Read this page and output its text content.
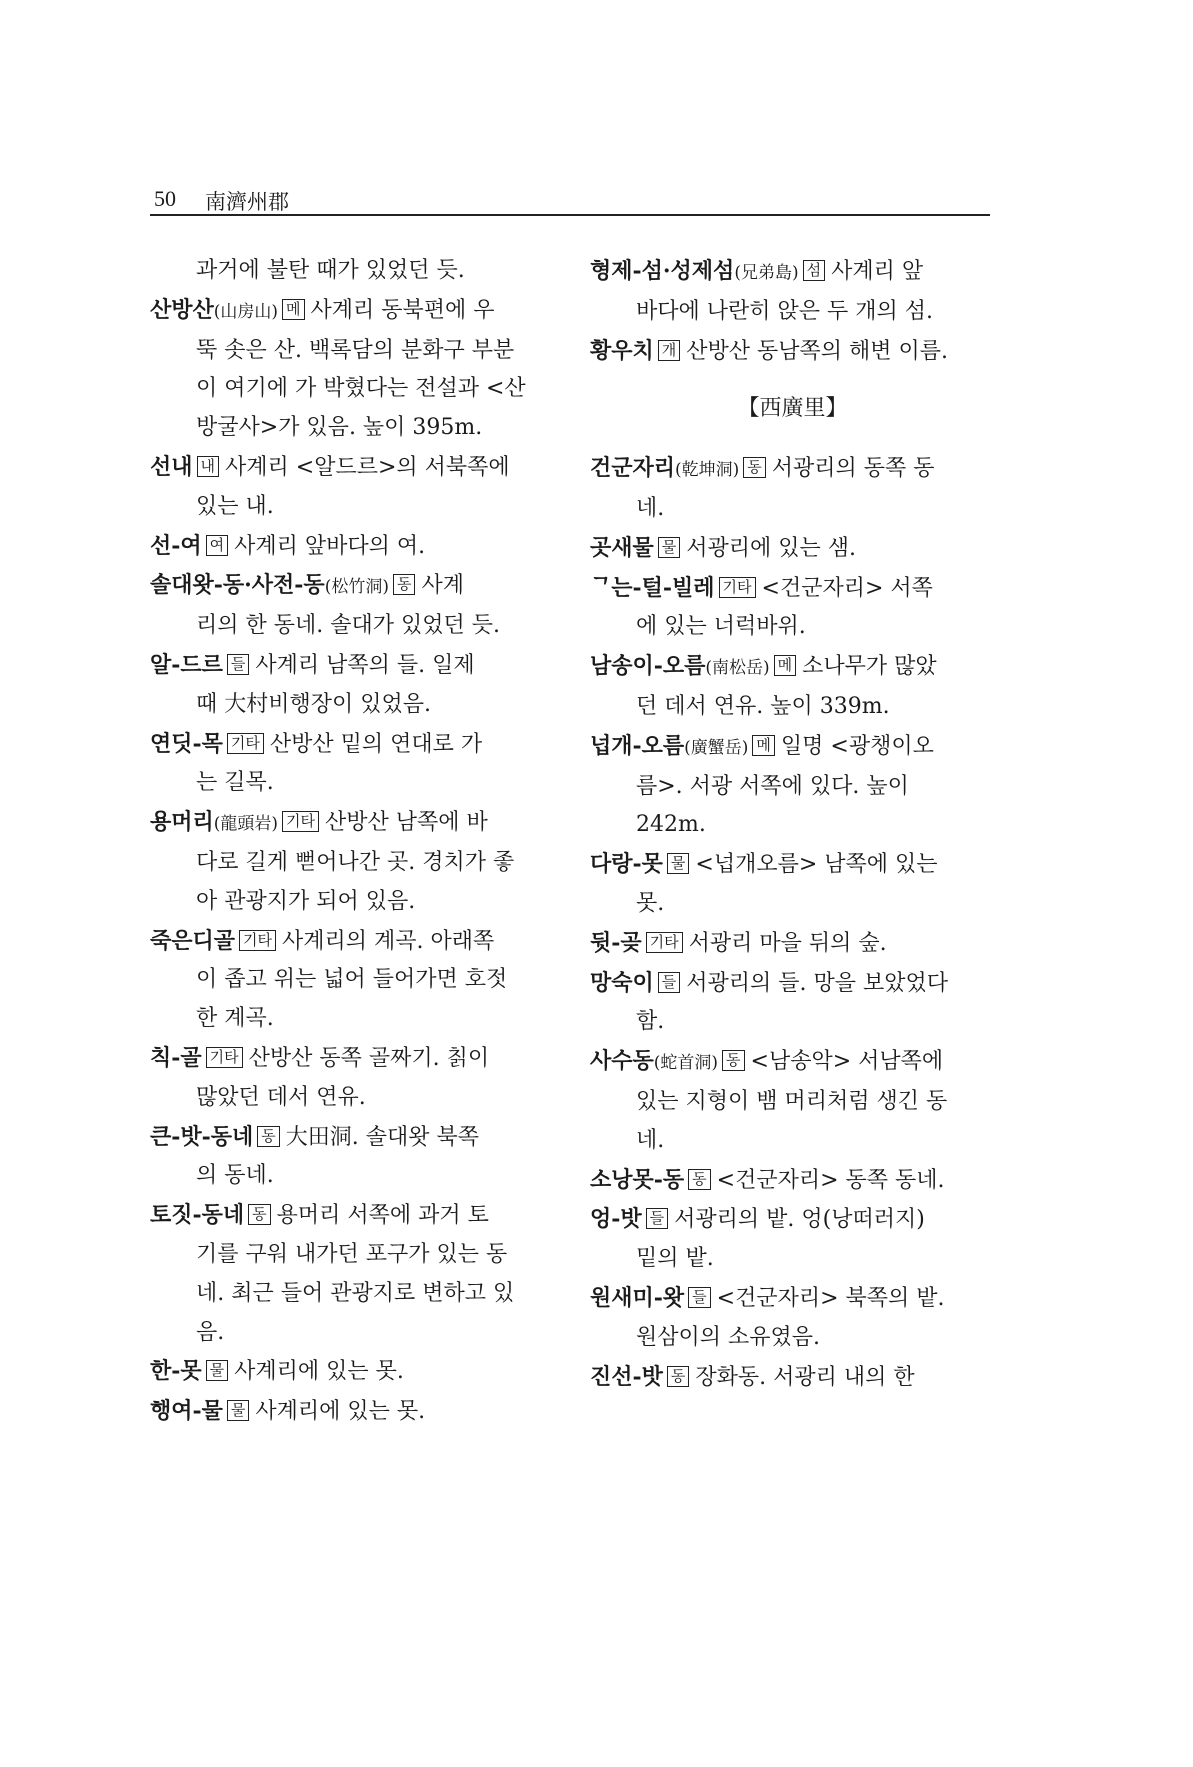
50 南濟州郡
과거에 불탄 때가 있었던 듯.
산방산(山房山) 메 사계리 동북편에 우
뚝 솟은 산. 백록담의 분화구 부분
이 여기에 가 박혔다는 전설과 <산
방굴사>가 있음. 높이 395m.
선내 내 사계리 <알드르>의 서북쪽에
있는 내.
선-여 여 사계리 앞바다의 여.
솔대왓-동·사전-동(松竹洞) 동 사계
리의 한 동네. 솔대가 있었던 듯.
알-드르 들 사계리 남쪽의 들. 일제
때 大村비행장이 있었음.
연딧-목 기타 산방산 밑의 연대로 가
는 길목.
용머리(龍頭岩) 기타 산방산 남쪽에 바
다로 길게 뻗어나간 곳. 경치가 좋
아 관광지가 되어 있음.
죽은디골 기타 사계리의 계곡. 아래쪽
이 좁고 위는 넓어 들어가면 호젓
한 계곡.
칙-골 기타 산방산 동쪽 골짜기. 칡이
많았던 데서 연유.
큰-밧-동네 동 大田洞. 솔대왓 북쪽
의 동네.
토짓-동네 동 용머리 서쪽에 과거 토
기를 구워 내가던 포구가 있는 동
네. 최근 들어 관광지로 변하고 있
음.
한-못 물 사계리에 있는 못.
행여-물 물 사계리에 있는 못.
형제-섬·성제섬(兄弟島) 섬 사계리 앞
바다에 나란히 앉은 두 개의 섬.
황우치 개 산방산 동남쪽의 해변 이름.
【西廣里】
건군자리(乾坤洞) 동 서광리의 동쪽 동
네.
곳새물 물 서광리에 있는 샘.
ᄀ는-털-빌레 기타 <건군자리> 서쪽
에 있는 너럭바위.
남송이-오름(南松岳) 메 소나무가 많았
던 데서 연유. 높이 339m.
넙개-오름(廣蟹岳) 메 일명 <광챙이오
름>. 서광 서쪽에 있다. 높이
242m.
다랑-못 물 <넙개오름> 남쪽에 있는
못.
뒷-곶 기타 서광리 마을 뒤의 숲.
망숙이 들 서광리의 들. 망을 보았었다
함.
사수동(蛇首洞) 동 <남송악> 서남쪽에
있는 지형이 뱀 머리처럼 생긴 동
네.
소낭못-동 동 <건군자리> 동쪽 동네.
엉-밧 들 서광리의 밭. 엉(낭떠러지)
밑의 밭.
원새미-왓 들 <건군자리> 북쪽의 밭.
원삼이의 소유였음.
진선-밧 동 장화동. 서광리 내의 한
